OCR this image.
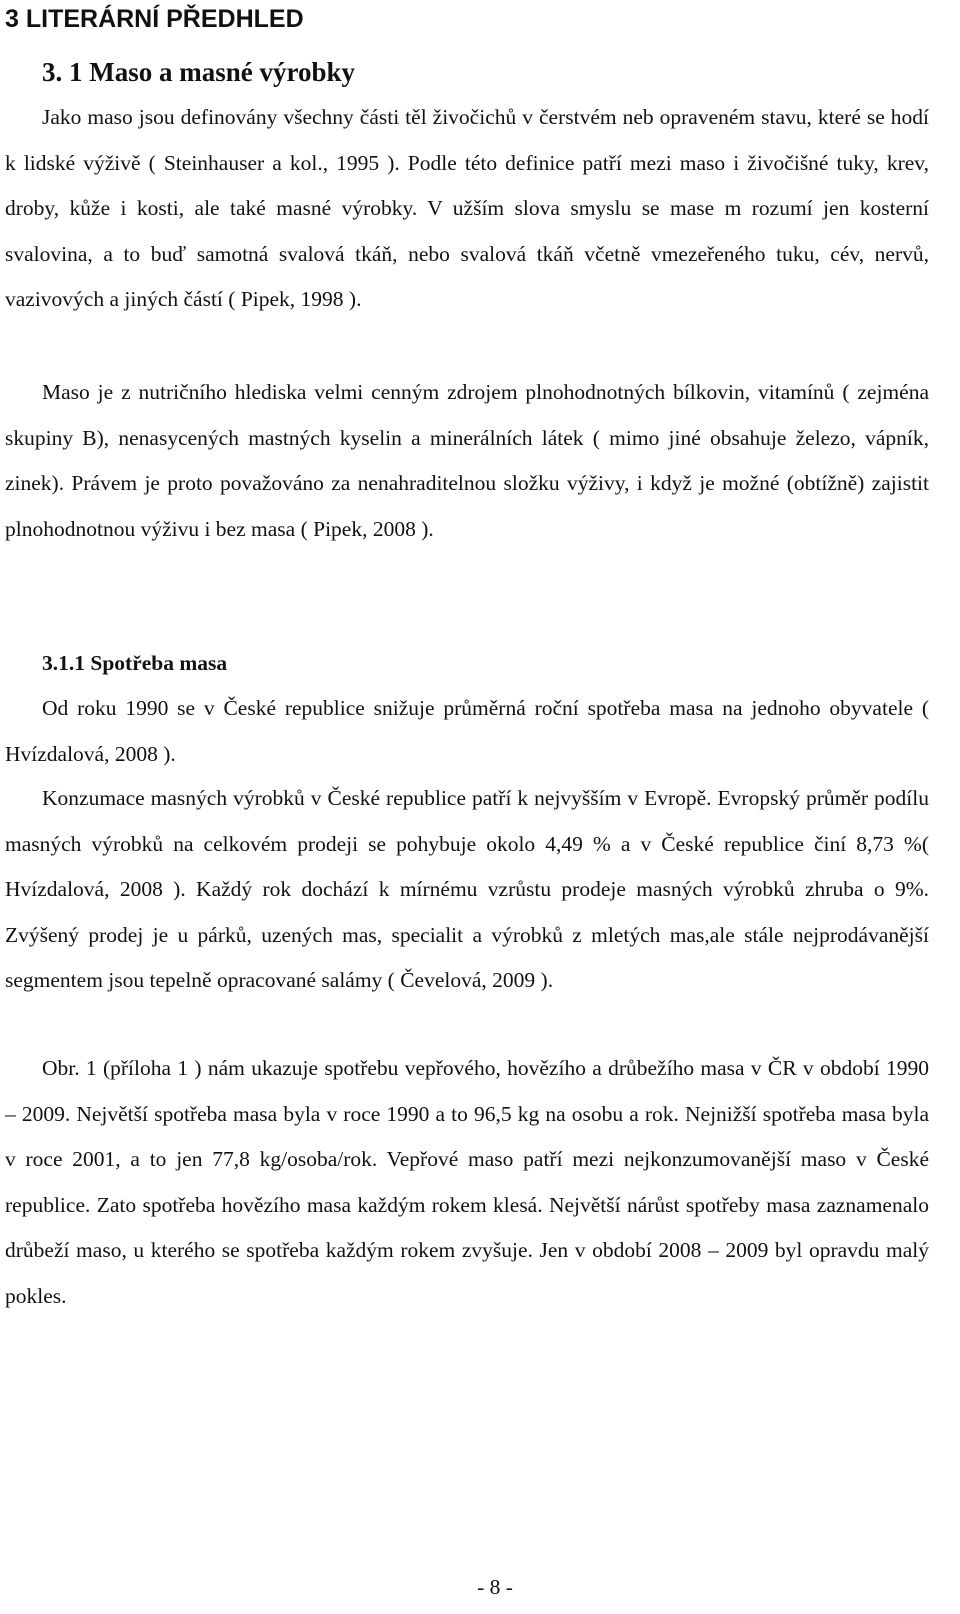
3 LITERÁRNÍ PŘEDHLED
3. 1 Maso a masné výrobky

Jako maso jsou definovány všechny části těl živočichů v čerstvém neb opraveném stavu, které se hodí k lidské výživě ( Steinhauser a kol., 1995 ). Podle této definice patří mezi maso i živočišné tuky, krev, droby, kůže i kosti, ale také masné výrobky. V užším slova smyslu se mase m rozumí jen kosterní svalovina, a to buď samotná svalová tkáň, nebo svalová tkáň včetně vmezeřeného tuku, cév, nervů, vazivových a jiných částí ( Pipek, 1998 ).

Maso je z nutričního hlediska velmi cenným zdrojem plnohodnotných bílkovin, vitamínů ( zejména skupiny B), nenasycených mastných kyselin a minerálních látek ( mimo jiné obsahuje železo, vápník, zinek). Právem je proto považováno za nenahraditelnou složku výživy, i když je možné (obtížně) zajistit plnohodnotnou výživu i bez masa ( Pipek, 2008 ).

3.1.1 Spotřeba masa

Od roku 1990 se v České republice snižuje průměrná roční spotřeba masa na jednoho obyvatele ( Hvízdalová, 2008 ).

Konzumace masných výrobků v České republice patří k nejvyšším v Evropě. Evropský průměr podílu masných výrobků na celkovém prodeji se pohybuje okolo 4,49 % a v České republice činí 8,73 %( Hvízdalová, 2008 ). Každý rok dochází k mírnému vzrůstu prodeje masných výrobků zhruba o 9%. Zvýšený prodej je u párků, uzených mas, specialit a výrobků z mletých mas,ale stále nejprodávanější segmentem jsou tepelně opracované salámy ( Čevelová, 2009 ).

Obr. 1 (příloha 1 ) nám ukazuje spotřebu vepřového, hovězího a drůbežího masa v ČR v období 1990 – 2009. Největší spotřeba masa byla v roce 1990 a to 96,5 kg na osobu a rok. Nejnižší spotřeba masa byla v roce 2001, a to jen 77,8 kg/osoba/rok. Vepřové maso patří mezi nejkonzumovanější maso v České republice. Zato spotřeba hovězího masa každým rokem klesá. Největší nárůst spotřeby masa zaznamenalo drůbeží maso, u kterého se spotřeba každým rokem zvyšuje. Jen v období 2008 – 2009 byl opravdu malý pokles.

- 8 -
